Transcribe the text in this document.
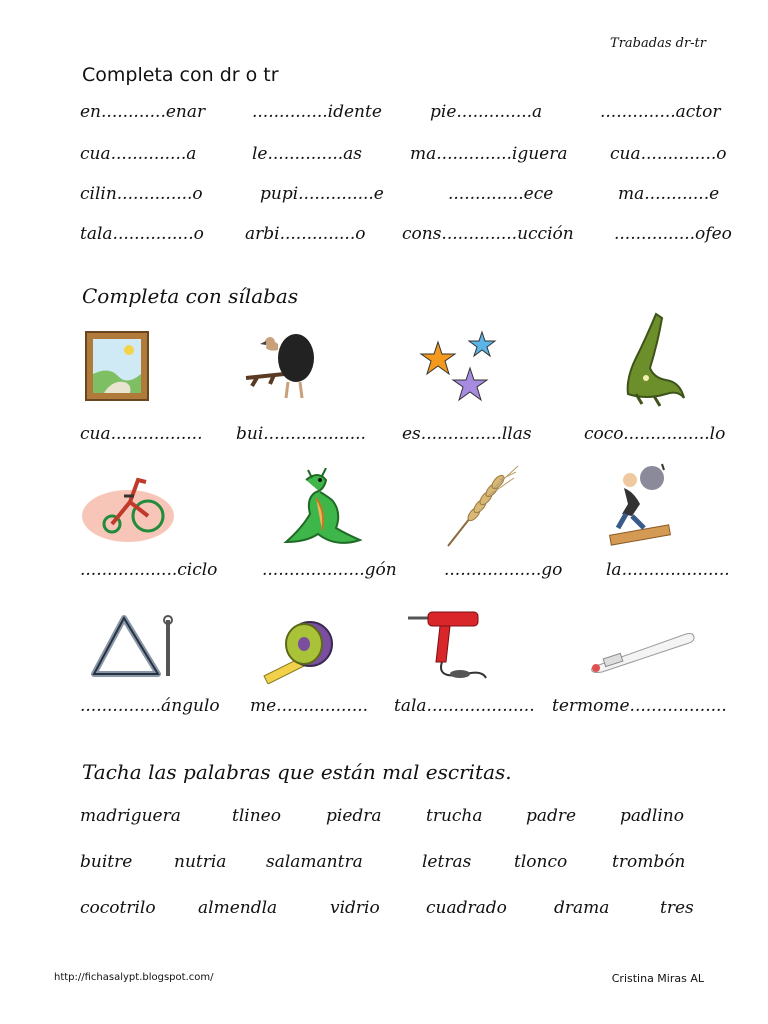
Trabadas dr-tr
Completa con dr o tr
en............enar	..............idente	pie..............a	..............actor
cua..............a	le..............as	ma..............iguera	cua..............o
cilin..............o	pupi..............e	..............ece	ma............e
tala...............o arbi..............o cons..............ucción ...............ofeo
Completa con sílabas
cua................. bui................... es...............llas	coco................lo
..................ciclo	...................gón	..................go	la....................
...............ángulo me................. tala.................... termome..................
Tacha las palabras que están mal escritas.
madriguera	tlineo	piedra	trucha	padre	padlino
buitre nutria salamantra	letras	tlonco	trombón
cocotrilo almendla	vidrio	cuadrado	drama	tres
http://fichasalypt.blogspot.com/	Cristina Miras AL
